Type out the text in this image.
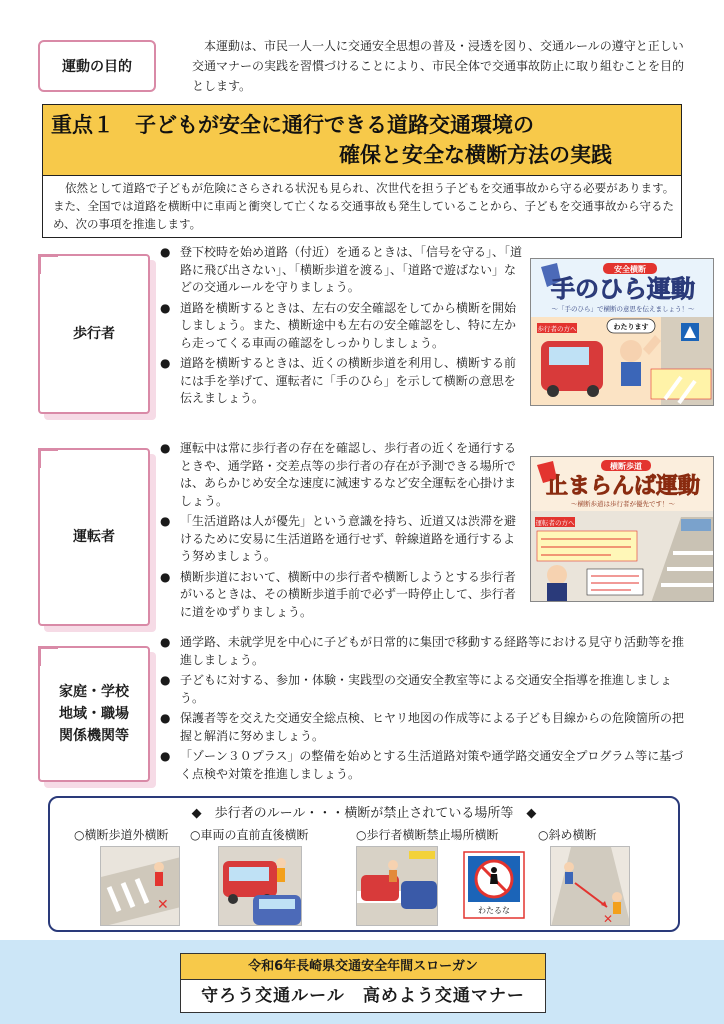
運動の目的

本運動は、市民一人一人に交通安全思想の普及・浸透を図り、交通ルールの遵守と正しい交通マナーの実践を習慣づけることにより、市民全体で交通事故防止に取り組むことを目的とします。

重点１　子どもが安全に通行できる道路交通環境の
確保と安全な横断方法の実践

依然として道路で子どもが危険にさらされる状況も見られ、次世代を担う子どもを交通事故から守る必要があります。また、全国では道路を横断中に車両と衝突して亡くなる交通事故も発生していることから、子どもを交通事故から守るため、次の事項を推進します。

歩行者
● 登下校時を始め道路（付近）を通るときは、「信号を守る」、「道路に飛び出さない」、「横断歩道を渡る」、「道路で遊ばない」などの交通ルールを守りましょう。
● 道路を横断するときは、左右の安全確認をしてから横断を開始しましょう。また、横断途中も左右の安全確認をし、特に左から走ってくる車両の確認をしっかりしましょう。
● 道路を横断するときは、近くの横断歩道を利用し、横断する前には手を挙げて、運転者に「手のひら」を示して横断の意思を伝えましょう。
安全横断
手のひら運動
～「手のひら」で横断の意思を伝えましょう！～
歩行者の方へ	わたります
運転者
● 運転中は常に歩行者の存在を確認し、歩行者の近くを通行するときや、通学路・交差点等の歩行者の存在が予測できる場所では、あらかじめ安全な速度に減速するなど安全運転を心掛けましょう。
● 「生活道路は人が優先」という意識を持ち、近道又は渋滞を避けるために安易に生活道路を通行せず、幹線道路を通行するよう努めましょう。
● 横断歩道において、横断中の歩行者や横断しようとする歩行者がいるときは、その横断歩道手前で必ず一時停止して、歩行者に道をゆずりましょう。
横断歩道
止まらんば運動
～横断歩道は歩行者が優先です！～
運転者の方へ
家庭・学校
地域・職場
関係機関等
● 通学路、未就学児を中心に子どもが日常的に集団で移動する経路等における見守り活動等を推進しましょう。
● 子どもに対する、参加・体験・実践型の交通安全教室等による交通安全指導を推進しましょう。
● 保護者等を交えた交通安全総点検、ヒヤリ地図の作成等による子ども目線からの危険箇所の把握と解消に努めましょう。
● 「ゾーン３０プラス」の整備を始めとする生活道路対策や通学路交通安全プログラム等に基づく点検や対策を推進しましょう。
◆　歩行者のルール・・・横断が禁止されている場所等　◆
○横断歩道外横断 ○車両の直前直後横断	○歩行者横断禁止場所横断	○斜め横断
✕	わたるな
✕
令和6年長崎県交通安全年間スローガン
守ろう交通ルール　高めよう交通マナー
